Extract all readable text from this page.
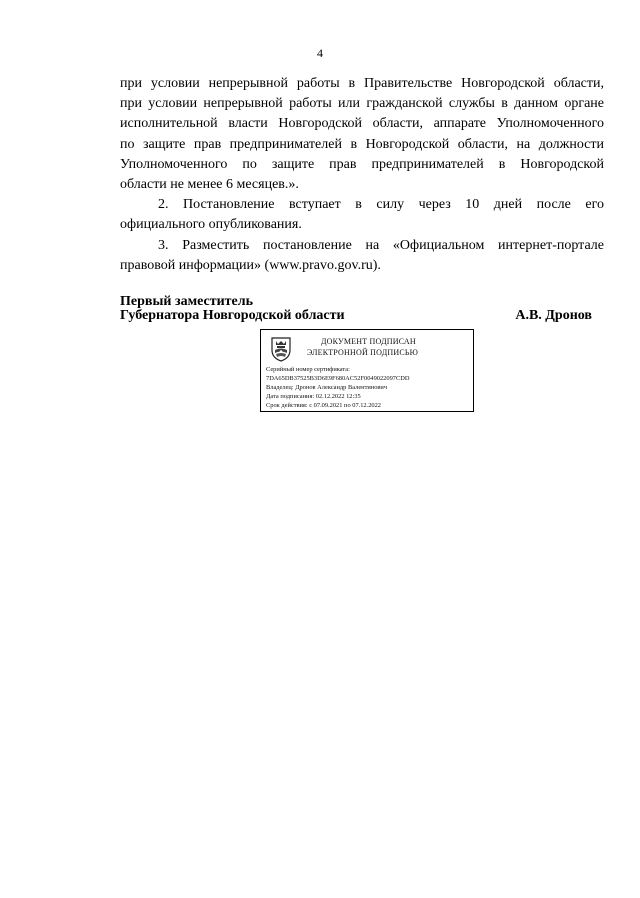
4

при условии непрерывной работы в Правительстве Новгородской области,
при условии непрерывной работы или гражданской службы в данном органе
исполнительной власти Новгородской области, аппарате Уполномоченного
по защите прав предпринимателей в Новгородской области, на должности
Уполномоченного по защите прав предпринимателей в Новгородской
области не менее 6 месяцев.».

2. Постановление вступает в силу через 10 дней после его
официального опубликования.

3. Разместить постановление на «Официальном интернет-портале
правовой информации» (www.pravo.gov.ru).

Первый заместитель
Губернатора Новгородской области	А.В. Дронов
ДОКУМЕНТ ПОДПИСАН
ЭЛЕКТРОННОЙ ПОДПИСЬЮ
Серийный номер сертификата:
7DA65DB37525B3D6E9F680AC52F0049022097CDD
Владелец: Дронов Александр Валентинович
Дата подписания: 02.12.2022 12:35
Срок действия: с 07.09.2021 по 07.12.2022
